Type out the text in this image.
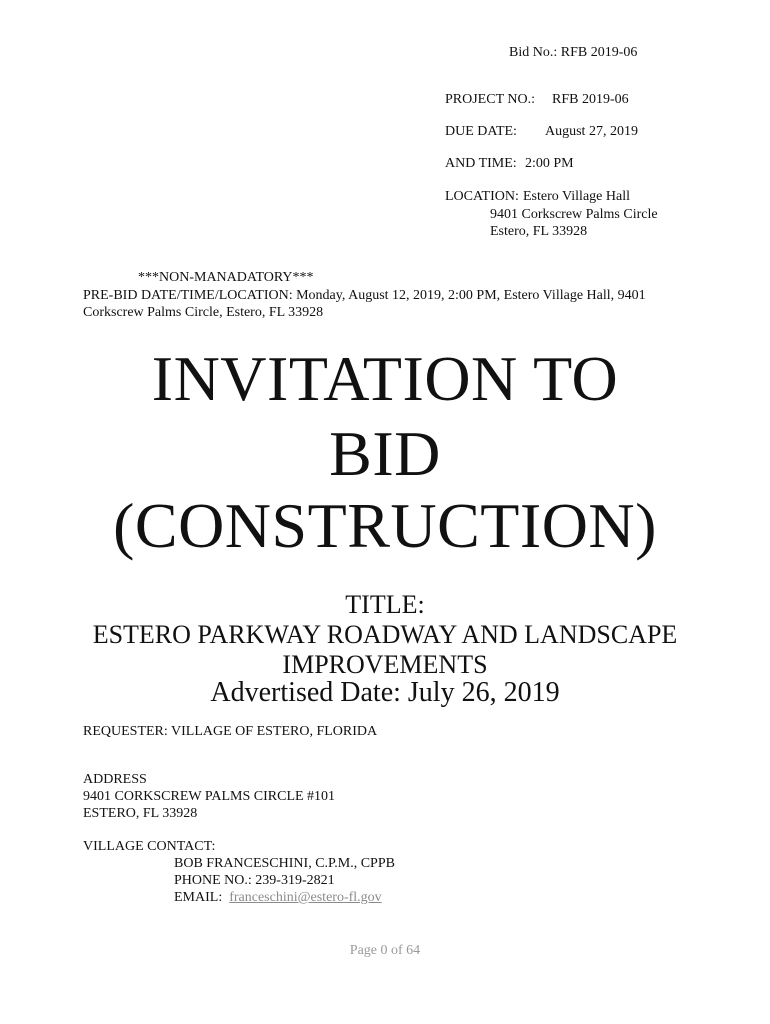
Bid No.: RFB 2019-06
PROJECT NO.: RFB 2019-06
DUE DATE: August 27, 2019
AND TIME: 2:00 PM
LOCATION: Estero Village Hall
9401 Corkscrew Palms Circle
Estero, FL 33928
***NON-MANADATORY***
PRE-BID DATE/TIME/LOCATION: Monday, August 12, 2019, 2:00 PM, Estero Village Hall, 9401
Corkscrew Palms Circle, Estero, FL 33928
INVITATION TO
BID
(CONSTRUCTION)
TITLE:
ESTERO PARKWAY ROADWAY AND LANDSCAPE
IMPROVEMENTS
Advertised Date: July 26, 2019
REQUESTER: VILLAGE OF ESTERO, FLORIDA
ADDRESS
9401 CORKSCREW PALMS CIRCLE #101
ESTERO, FL 33928
VILLAGE CONTACT:
BOB FRANCESCHINI, C.P.M., CPPB
PHONE NO.: 239-319-2821
EMAIL: franceschini@estero-fl.gov
Page 0 of 64
